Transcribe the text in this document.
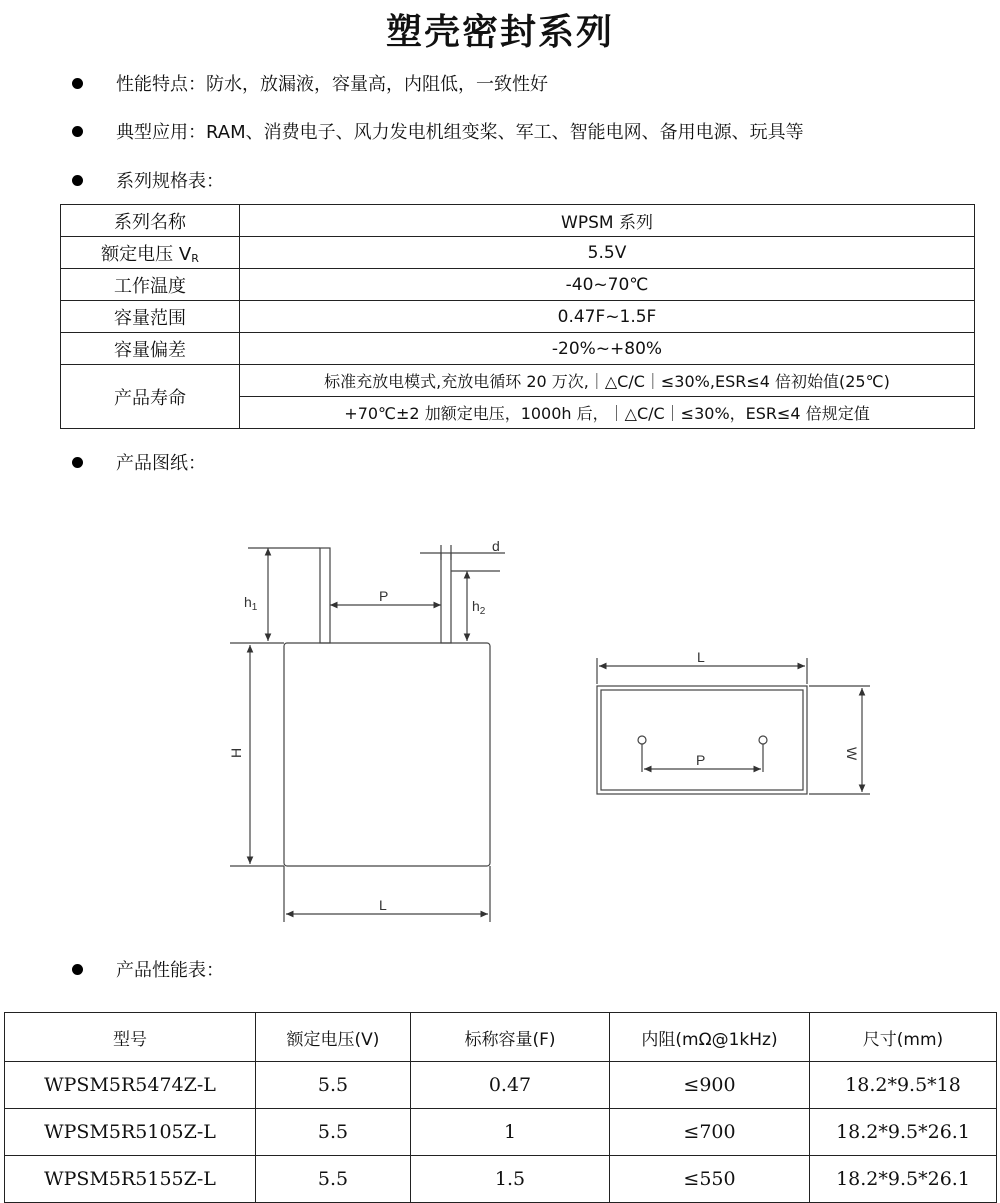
塑壳密封系列
性能特点：防水，放漏液，容量高，内阻低，一致性好
典型应用：RAM、消费电子、风力发电机组变桨、军工、智能电网、备用电源、玩具等
系列规格表：
系列名称	WPSM 系列
额定电压 VR	5.5V
工作温度	-40~70℃
容量范围	0.47F~1.5F
容量偏差	-20%~+80%
产品寿命	标准充放电模式,充放电循环 20 万次,｜△C/C｜≤30%,ESR≤4 倍初始值(25℃)
	+70℃±2 加额定电压，1000h 后，｜△C/C｜≤30%，ESR≤4 倍规定值
产品图纸：
$h_1$
P
$h_2$
d
H
L
L
W
P
产品性能表：
型号	额定电压(V)	标称容量(F)	内阻(mΩ@1kHz)	尺寸(mm)
WPSM5R5474Z-L	5.5	0.47	≤900	18.2*9.5*18
WPSM5R5105Z-L	5.5	1	≤700	18.2*9.5*26.1
WPSM5R5155Z-L	5.5	1.5	≤550	18.2*9.5*26.1
